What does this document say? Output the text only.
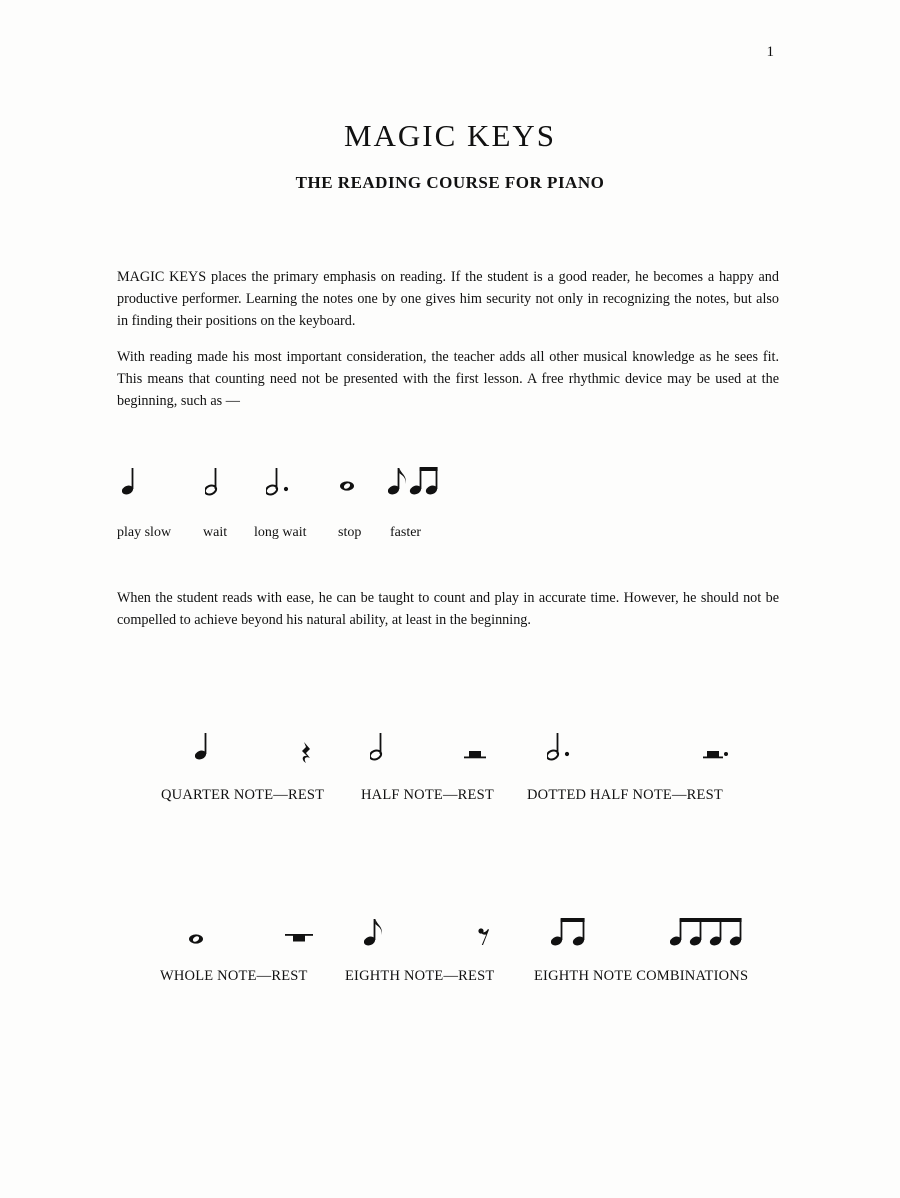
1
MAGIC KEYS
THE READING COURSE FOR PIANO

MAGIC KEYS places the primary emphasis on reading. If the student is a good reader, he becomes a happy and productive performer. Learning the notes one by one gives him security not only in recognizing the notes, but also in finding their positions on the keyboard.

With reading made his most important consideration, the teacher adds all other musical knowledge as he sees fit. This means that counting need not be presented with the first lesson. A free rhythmic device may be used at the beginning, such as —

play slow wait long wait stop faster

When the student reads with ease, he can be taught to count and play in accurate time. However, he should not be compelled to achieve beyond his natural ability, at least in the beginning.

QUARTER NOTE—REST	HALF NOTE—REST DOTTED HALF NOTE—REST
WHOLE NOTE—REST	EIGHTH NOTE—REST	EIGHTH NOTE COMBINATIONS
